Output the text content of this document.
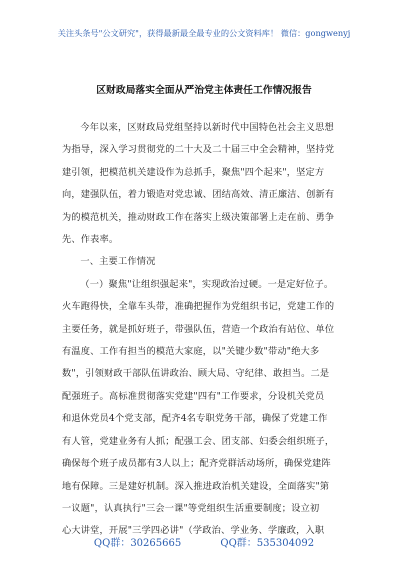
关注头条号"公文研究"，获得最新最全最专业的公文资料库！ 微信：gongwenyj
区财政局落实全面从严治党主体责任工作情况报告
今年以来，区财政局党组坚持以新时代中国特色社会主义思想
为指导，深入学习贯彻党的二十大及二十届三中全会精神，坚持党
建引领，把模范机关建设作为总抓手，聚焦"四个起来"，坚定方
向，建强队伍，着力锻造对党忠诚、团结高效、清正廉洁、创新有
为的模范机关，推动财政工作在落实上级决策部署上走在前、勇争
先、作表率。
一、主要工作情况
（一）聚焦"让组织强起来"，实现政治过硬。一是定好位子。
火车跑得快，全靠车头带，准确把握作为党组织书记，党建工作的
主要任务，就是抓好班子，带强队伍，营造一个政治有站位、单位
有温度、工作有担当的模范大家庭，以"关键少数"带动"绝大多
数"，引领财政干部队伍讲政治、顾大局、守纪律、敢担当。二是
配强班子。高标准贯彻落实党建"四有"工作要求，分设机关党员
和退休党员4个党支部，配齐4名专职党务干部，确保了党建工作
有人管，党建业务有人抓；配强工会、团支部、妇委会组织班子，
确保每个班子成员都有3人以上；配齐党群活动场所，确保党建阵
地有保障。三是建好机制。深入推进政治机关建设，全面落实"第
一议题"，认真执行"三会一课"等党组织生活重要制度；设立初
心大讲堂，开展"三学四必讲"（学政治、学业务、学廉政，入职
QQ群：30265665	QQ群：535304092
